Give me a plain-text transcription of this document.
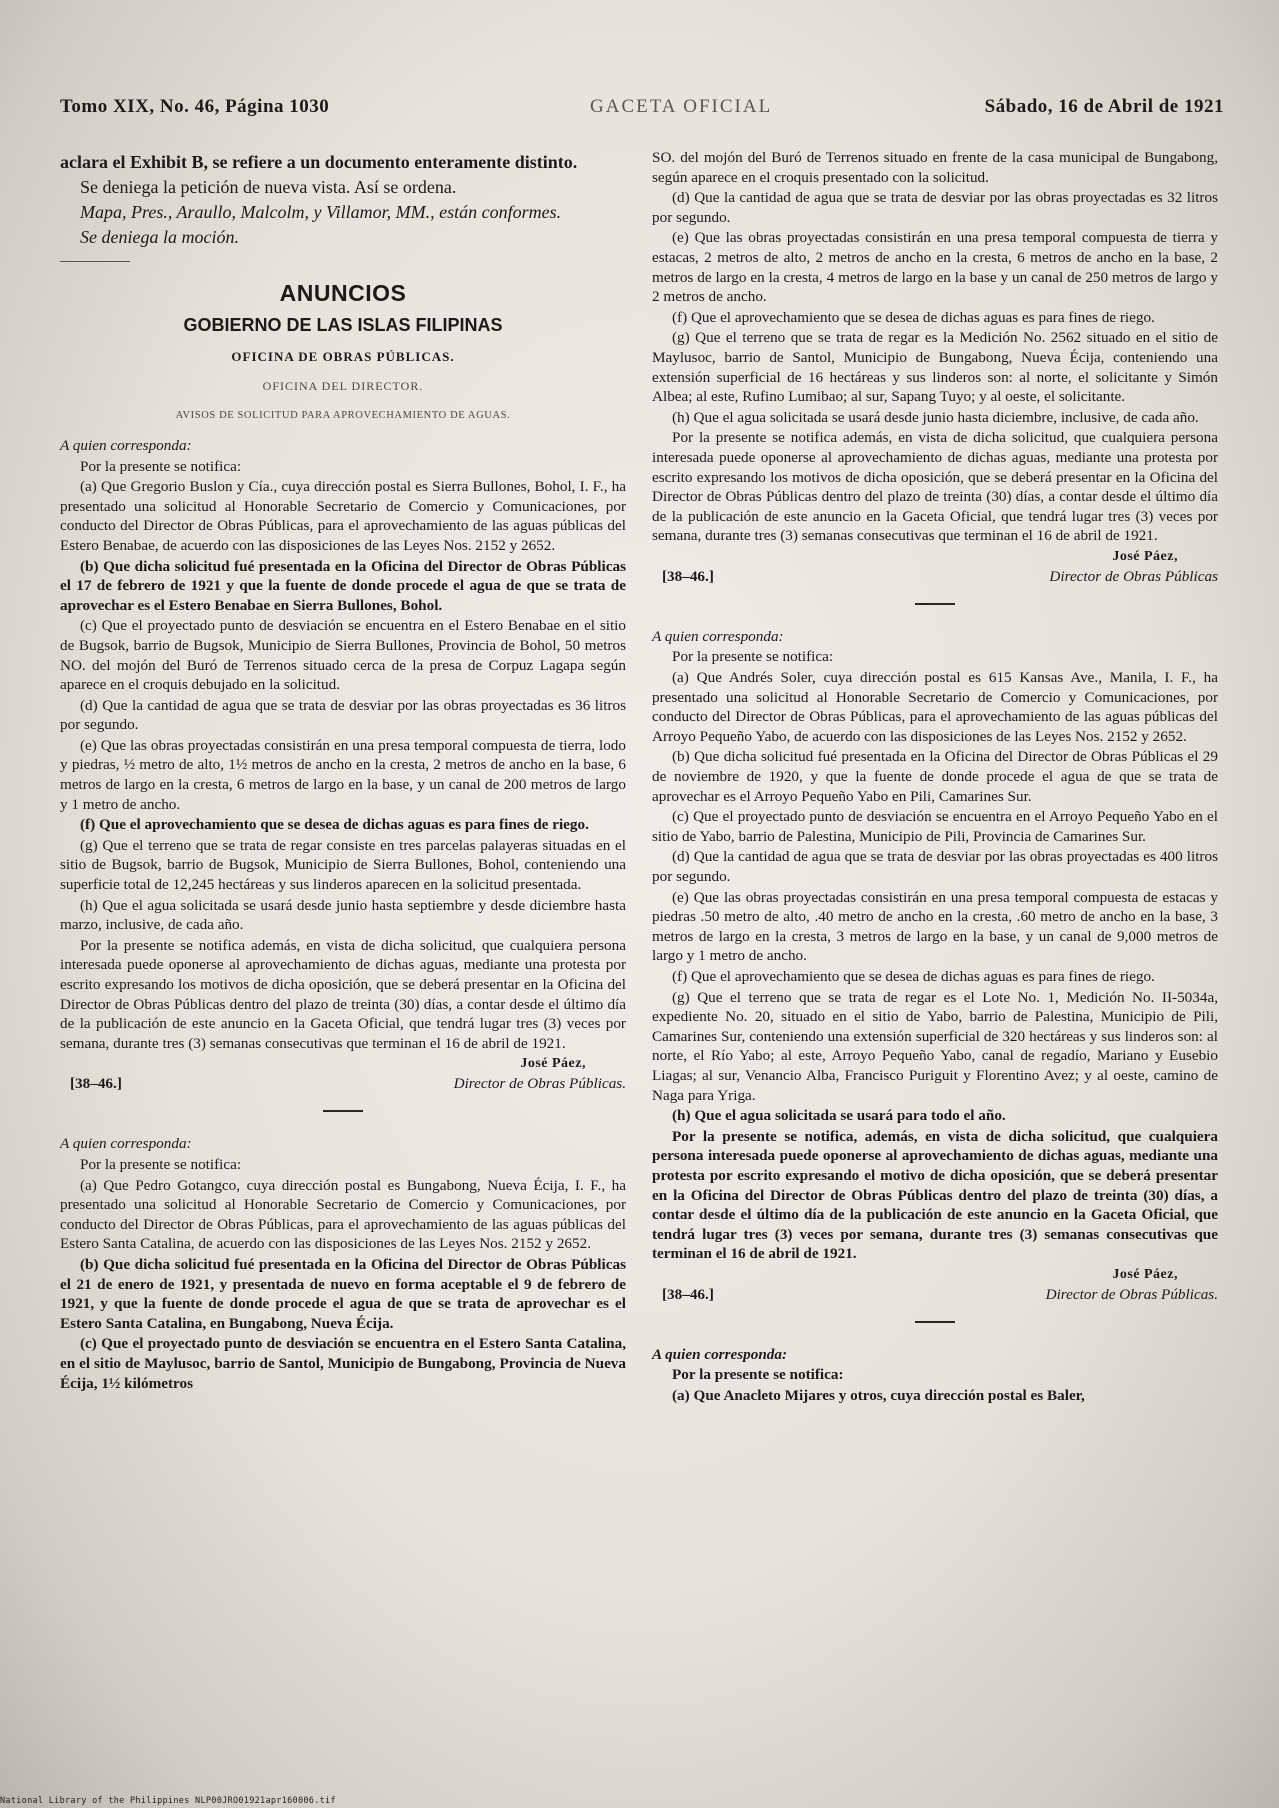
Tomo XIX, No. 46, Página 1030	GACETA OFICIAL	Sábado, 16 de Abril de 1921

aclara el Exhibit B, se refiere a un documento enteramente distinto.

Se deniega la petición de nueva vista. Así se ordena.

Mapa, Pres., Araullo, Malcolm, y Villamor, MM., están conformes.

Se deniega la moción.

ANUNCIOS
GOBIERNO DE LAS ISLAS FILIPINAS
OFICINA DE OBRAS PÚBLICAS.
OFICINA DEL DIRECTOR.
AVISOS DE SOLICITUD PARA APROVECHAMIENTO DE AGUAS.

A quien corresponda:

Por la presente se notifica:

(a) Que Gregorio Buslon y Cía., cuya dirección postal es Sierra Bullones, Bohol, I. F., ha presentado una solicitud al Honorable Secretario de Comercio y Comunicaciones, por conducto del Director de Obras Públicas, para el aprovechamiento de las aguas públicas del Estero Benabae, de acuerdo con las disposiciones de las Leyes Nos. 2152 y 2652.

(b) Que dicha solicitud fué presentada en la Oficina del Director de Obras Públicas el 17 de febrero de 1921 y que la fuente de donde procede el agua de que se trata de aprovechar es el Estero Benabae en Sierra Bullones, Bohol.

(c) Que el proyectado punto de desviación se encuentra en el Estero Benabae en el sitio de Bugsok, barrio de Bugsok, Municipio de Sierra Bullones, Provincia de Bohol, 50 metros NO. del mojón del Buró de Terrenos situado cerca de la presa de Corpuz Lagapa según aparece en el croquis debujado en la solicitud.

(d) Que la cantidad de agua que se trata de desviar por las obras proyectadas es 36 litros por segundo.

(e) Que las obras proyectadas consistirán en una presa temporal compuesta de tierra, lodo y piedras, ½ metro de alto, 1½ metros de ancho en la cresta, 2 metros de ancho en la base, 6 metros de largo en la cresta, 6 metros de largo en la base, y un canal de 200 metros de largo y 1 metro de ancho.

(f) Que el aprovechamiento que se desea de dichas aguas es para fines de riego.

(g) Que el terreno que se trata de regar consiste en tres parcelas palayeras situadas en el sitio de Bugsok, barrio de Bugsok, Municipio de Sierra Bullones, Bohol, conteniendo una superficie total de 12,245 hectáreas y sus linderos aparecen en la solicitud presentada.

(h) Que el agua solicitada se usará desde junio hasta septiembre y desde diciembre hasta marzo, inclusive, de cada año.

Por la presente se notifica además, en vista de dicha solicitud, que cualquiera persona interesada puede oponerse al aprovechamiento de dichas aguas, mediante una protesta por escrito expresando los motivos de dicha oposición, que se deberá presentar en la Oficina del Director de Obras Públicas dentro del plazo de treinta (30) días, a contar desde el último día de la publicación de este anuncio en la Gaceta Oficial, que tendrá lugar tres (3) veces por semana, durante tres (3) semanas consecutivas que terminan el 16 de abril de 1921.

José Páez,
[38–46.]	Director de Obras Públicas.

A quien corresponda:

Por la presente se notifica:

(a) Que Pedro Gotangco, cuya dirección postal es Bungabong, Nueva Écija, I. F., ha presentado una solicitud al Honorable Secretario de Comercio y Comunicaciones, por conducto del Director de Obras Públicas, para el aprovechamiento de las aguas públicas del Estero Santa Catalina, de acuerdo con las disposiciones de las Leyes Nos. 2152 y 2652.

(b) Que dicha solicitud fué presentada en la Oficina del Director de Obras Públicas el 21 de enero de 1921, y presentada de nuevo en forma aceptable el 9 de febrero de 1921, y que la fuente de donde procede el agua de que se trata de aprovechar es el Estero Santa Catalina, en Bungabong, Nueva Écija.

(c) Que el proyectado punto de desviación se encuentra en el Estero Santa Catalina, en el sitio de Maylusoc, barrio de Santol, Municipio de Bungabong, Provincia de Nueva Écija, 1½ kilómetros

SO. del mojón del Buró de Terrenos situado en frente de la casa municipal de Bungabong, según aparece en el croquis presentado con la solicitud.

(d) Que la cantidad de agua que se trata de desviar por las obras proyectadas es 32 litros por segundo.

(e) Que las obras proyectadas consistirán en una presa temporal compuesta de tierra y estacas, 2 metros de alto, 2 metros de ancho en la cresta, 6 metros de ancho en la base, 2 metros de largo en la cresta, 4 metros de largo en la base y un canal de 250 metros de largo y 2 metros de ancho.

(f) Que el aprovechamiento que se desea de dichas aguas es para fines de riego.

(g) Que el terreno que se trata de regar es la Medición No. 2562 situado en el sitio de Maylusoc, barrio de Santol, Municipio de Bungabong, Nueva Écija, conteniendo una extensión superficial de 16 hectáreas y sus linderos son: al norte, el solicitante y Simón Albea; al este, Rufino Lumibao; al sur, Sapang Tuyo; y al oeste, el solicitante.

(h) Que el agua solicitada se usará desde junio hasta diciembre, inclusive, de cada año.

Por la presente se notifica además, en vista de dicha solicitud, que cualquiera persona interesada puede oponerse al aprovechamiento de dichas aguas, mediante una protesta por escrito expresando los motivos de dicha oposición, que se deberá presentar en la Oficina del Director de Obras Públicas dentro del plazo de treinta (30) días, a contar desde el último día de la publicación de este anuncio en la Gaceta Oficial, que tendrá lugar tres (3) veces por semana, durante tres (3) semanas consecutivas que terminan el 16 de abril de 1921.

José Páez,
[38–46.]	Director de Obras Públicas

A quien corresponda:

Por la presente se notifica:

(a) Que Andrés Soler, cuya dirección postal es 615 Kansas Ave., Manila, I. F., ha presentado una solicitud al Honorable Secretario de Comercio y Comunicaciones, por conducto del Director de Obras Públicas, para el aprovechamiento de las aguas públicas del Arroyo Pequeño Yabo, de acuerdo con las disposiciones de las Leyes Nos. 2152 y 2652.

(b) Que dicha solicitud fué presentada en la Oficina del Director de Obras Públicas el 29 de noviembre de 1920, y que la fuente de donde procede el agua de que se trata de aprovechar es el Arroyo Pequeño Yabo en Pili, Camarines Sur.

(c) Que el proyectado punto de desviación se encuentra en el Arroyo Pequeño Yabo en el sitio de Yabo, barrio de Palestina, Municipio de Pili, Provincia de Camarines Sur.

(d) Que la cantidad de agua que se trata de desviar por las obras proyectadas es 400 litros por segundo.

(e) Que las obras proyectadas consistirán en una presa temporal compuesta de estacas y piedras .50 metro de alto, .40 metro de ancho en la cresta, .60 metro de ancho en la base, 3 metros de largo en la cresta, 3 metros de largo en la base, y un canal de 9,000 metros de largo y 1 metro de ancho.

(f) Que el aprovechamiento que se desea de dichas aguas es para fines de riego.

(g) Que el terreno que se trata de regar es el Lote No. 1, Medición No. II-5034a, expediente No. 20, situado en el sitio de Yabo, barrio de Palestina, Municipio de Pili, Camarines Sur, conteniendo una extensión superficial de 320 hectáreas y sus linderos son: al norte, el Río Yabo; al este, Arroyo Pequeño Yabo, canal de regadío, Mariano y Eusebio Liagas; al sur, Venancio Alba, Francisco Puriguit y Florentino Avez; y al oeste, camino de Naga para Yriga.

(h) Que el agua solicitada se usará para todo el año.

Por la presente se notifica, además, en vista de dicha solicitud, que cualquiera persona interesada puede oponerse al aprovechamiento de dichas aguas, mediante una protesta por escrito expresando el motivo de dicha oposición, que se deberá presentar en la Oficina del Director de Obras Públicas dentro del plazo de treinta (30) días, a contar desde el último día de la publicación de este anuncio en la Gaceta Oficial, que tendrá lugar tres (3) veces por semana, durante tres (3) semanas consecutivas que terminan el 16 de abril de 1921.

José Páez,
[38–46.]	Director de Obras Públicas.

A quien corresponda:

Por la presente se notifica:

(a) Que Anacleto Mijares y otros, cuya dirección postal es Baler,

National Library of the Philippines NLP00JRO01921apr160006.tif
